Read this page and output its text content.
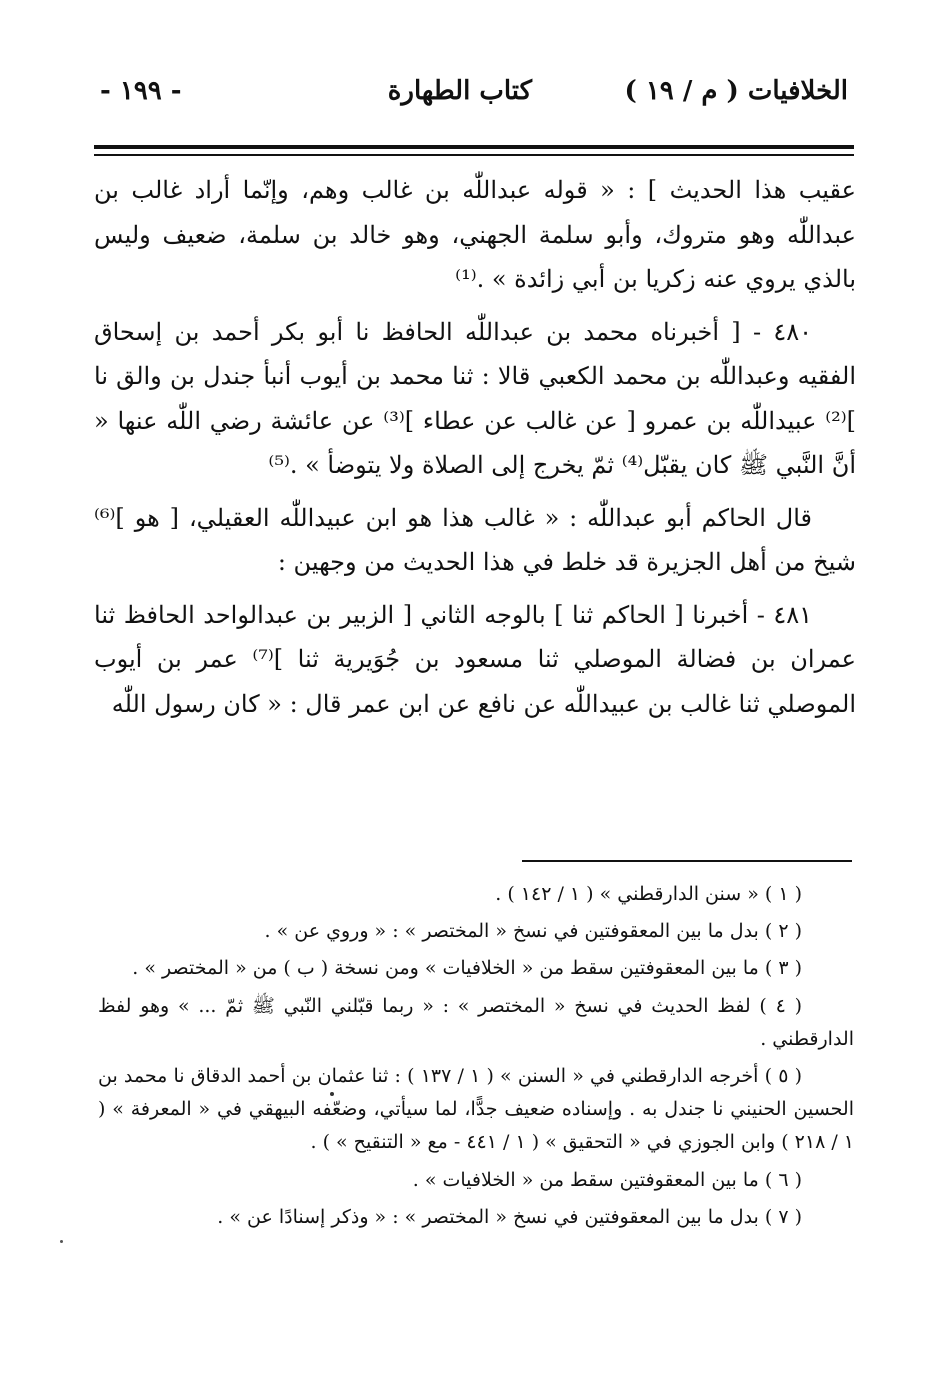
الخلافيات ( م / ١٩ )
كتاب الطهارة
- ١٩٩ -

عقيب هذا الحديث ] : « قوله عبداللّٰه بن غالب وهم، وإنّما أراد غالب بن عبداللّٰه وهو متروك، وأبو سلمة الجهني، وهو خالد بن سلمة، ضعيف وليس بالذي يروي عنه زكريا بن أبي زائدة » .⁽¹⁾

٤٨٠ - [ أخبرناه محمد بن عبداللّٰه الحافظ نا أبو بكر أحمد بن إسحاق الفقيه وعبداللّٰه بن محمد الكعبي قالا : ثنا محمد بن أيوب أنبأ جندل بن والق نا ]⁽²⁾ عبيداللّٰه بن عمرو [ عن غالب عن عطاء ]⁽³⁾ عن عائشة رضي اللّٰه عنها « أنَّ النَّبي ﷺ كان يقبّل⁽⁴⁾ ثمّ يخرج إلى الصلاة ولا يتوضأ » .⁽⁵⁾

قال الحاكم أبو عبداللّٰه : « غالب هذا هو ابن عبيداللّٰه العقيلي، [ هو ]⁽⁶⁾ شيخ من أهل الجزيرة قد خلط في هذا الحديث من وجهين :

٤٨١ - أخبرنا [ الحاكم ثنا ] بالوجه الثاني [ الزبير بن عبدالواحد الحافظ ثنا عمران بن فضالة الموصلي ثنا مسعود بن جُوَيرية ثنا ]⁽⁷⁾ عمر بن أيوب الموصلي ثنا غالب بن عبيداللّٰه عن نافع عن ابن عمر قال : « كان رسول اللّٰه

( ١ ) « سنن الدارقطني » ( ١ / ١٤٢ ) .

( ٢ ) بدل ما بين المعقوفتين في نسخ « المختصر » : « وروي عن » .

( ٣ ) ما بين المعقوفتين سقط من « الخلافيات » ومن نسخة ( ب ) من « المختصر » .

( ٤ ) لفظ الحديث في نسخ « المختصر » : « ربما قبّلني النّبي ﷺ ثمّ ... » وهو لفظ الدارقطني .

( ٥ ) أخرجه الدارقطني في « السنن » ( ١ / ١٣٧ ) : ثنا عثمان بن أحمد الدقاق نا محمد بن الحسين الحنيني نا جندل به . وإسناده ضعيف جدًّا، لما سيأتي، وضعّفه البيهقي في « المعرفة » ( ١ / ٢١٨ ) وابن الجوزي في « التحقيق » ( ١ / ٤٤١ - مع « التنقيح » ) .

( ٦ ) ما بين المعقوفتين سقط من « الخلافيات » .

( ٧ ) بدل ما بين المعقوفتين في نسخ « المختصر » : « وذكر إسنادًا عن » .
